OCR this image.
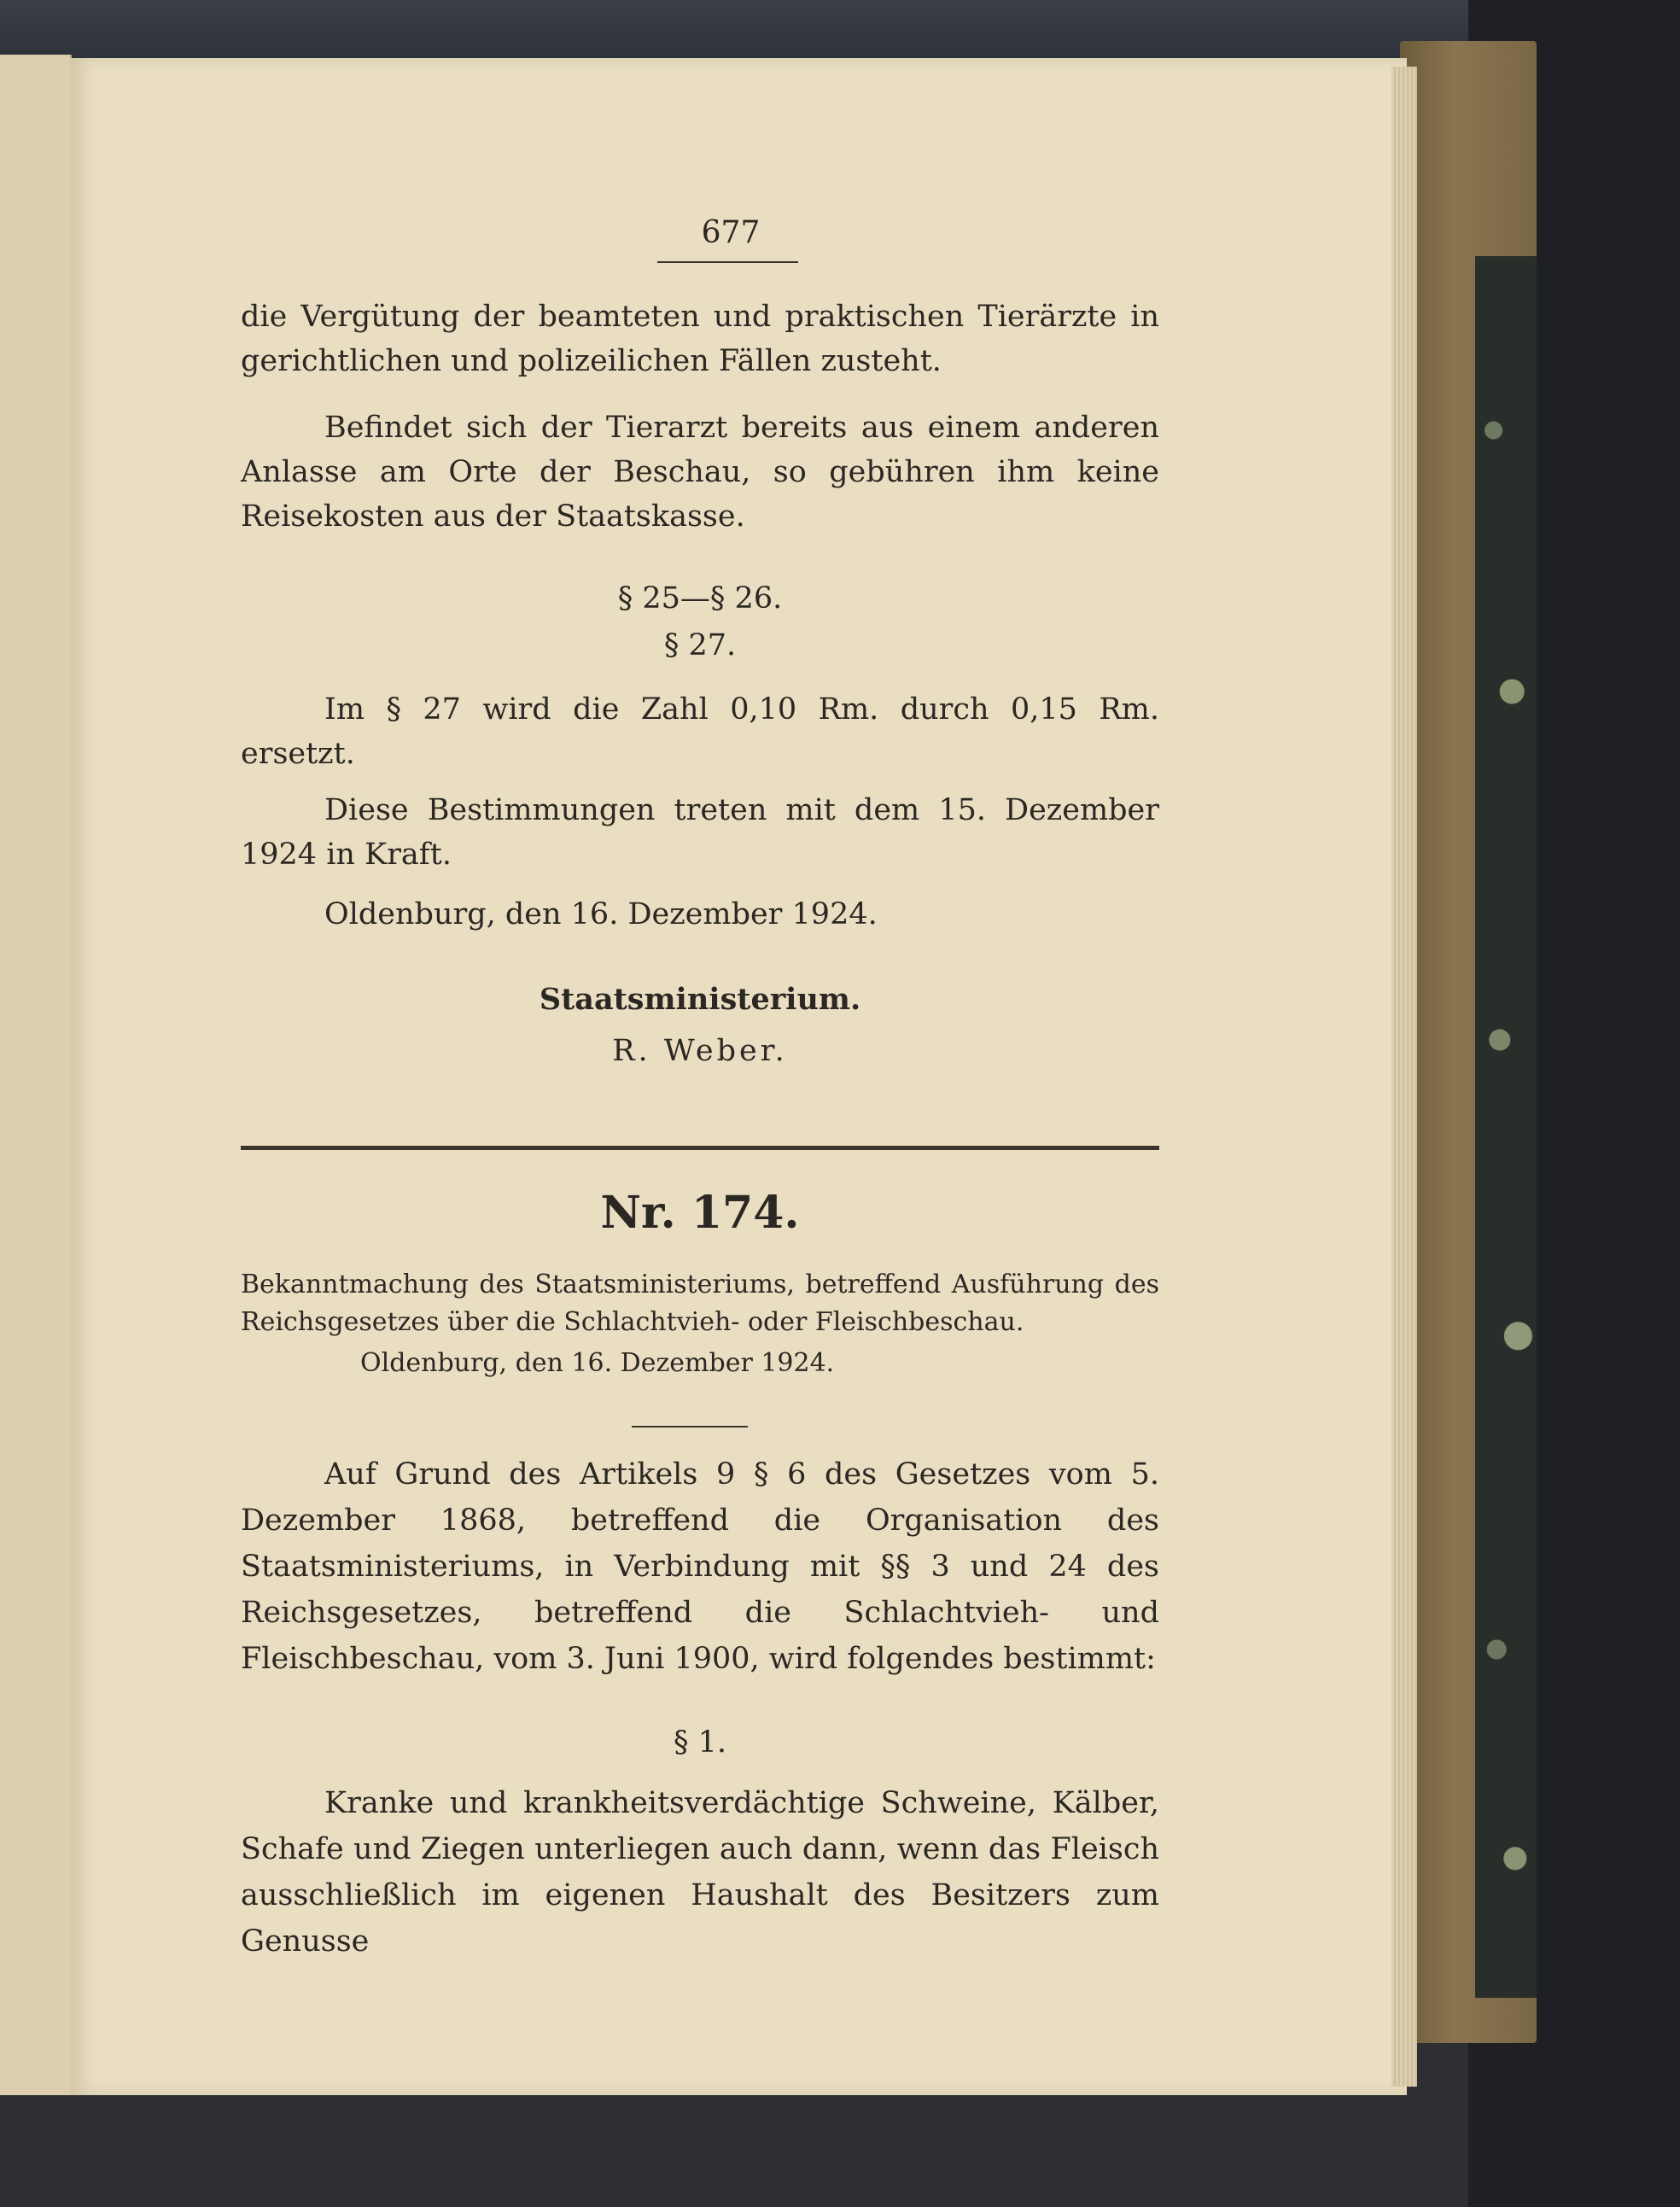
677

die Vergütung der beamteten und praktischen Tierärzte in gerichtlichen und polizeilichen Fällen zusteht.

Befindet sich der Tierarzt bereits aus einem anderen Anlasse am Orte der Beschau, so gebühren ihm keine Reisekosten aus der Staatskasse.

§ 25—§ 26.
§ 27.

Im § 27 wird die Zahl 0,10 Rm. durch 0,15 Rm. ersetzt.

Diese Bestimmungen treten mit dem 15. Dezember 1924 in Kraft.

Oldenburg, den 16. Dezember 1924.
Staatsministerium.
R. Weber.
Nr. 174.

Bekanntmachung des Staatsministeriums, betreffend Ausführung des Reichsgesetzes über die Schlachtvieh- oder Fleischbeschau.

Oldenburg, den 16. Dezember 1924.

Auf Grund des Artikels 9 § 6 des Gesetzes vom 5. Dezember 1868, betreffend die Organisation des Staatsministeriums, in Verbindung mit §§ 3 und 24 des Reichsgesetzes, betreffend die Schlachtvieh- und Fleischbeschau, vom 3. Juni 1900, wird folgendes bestimmt:

§ 1.

Kranke und krankheitsverdächtige Schweine, Kälber, Schafe und Ziegen unterliegen auch dann, wenn das Fleisch ausschließlich im eigenen Haushalt des Besitzers zum Genusse
